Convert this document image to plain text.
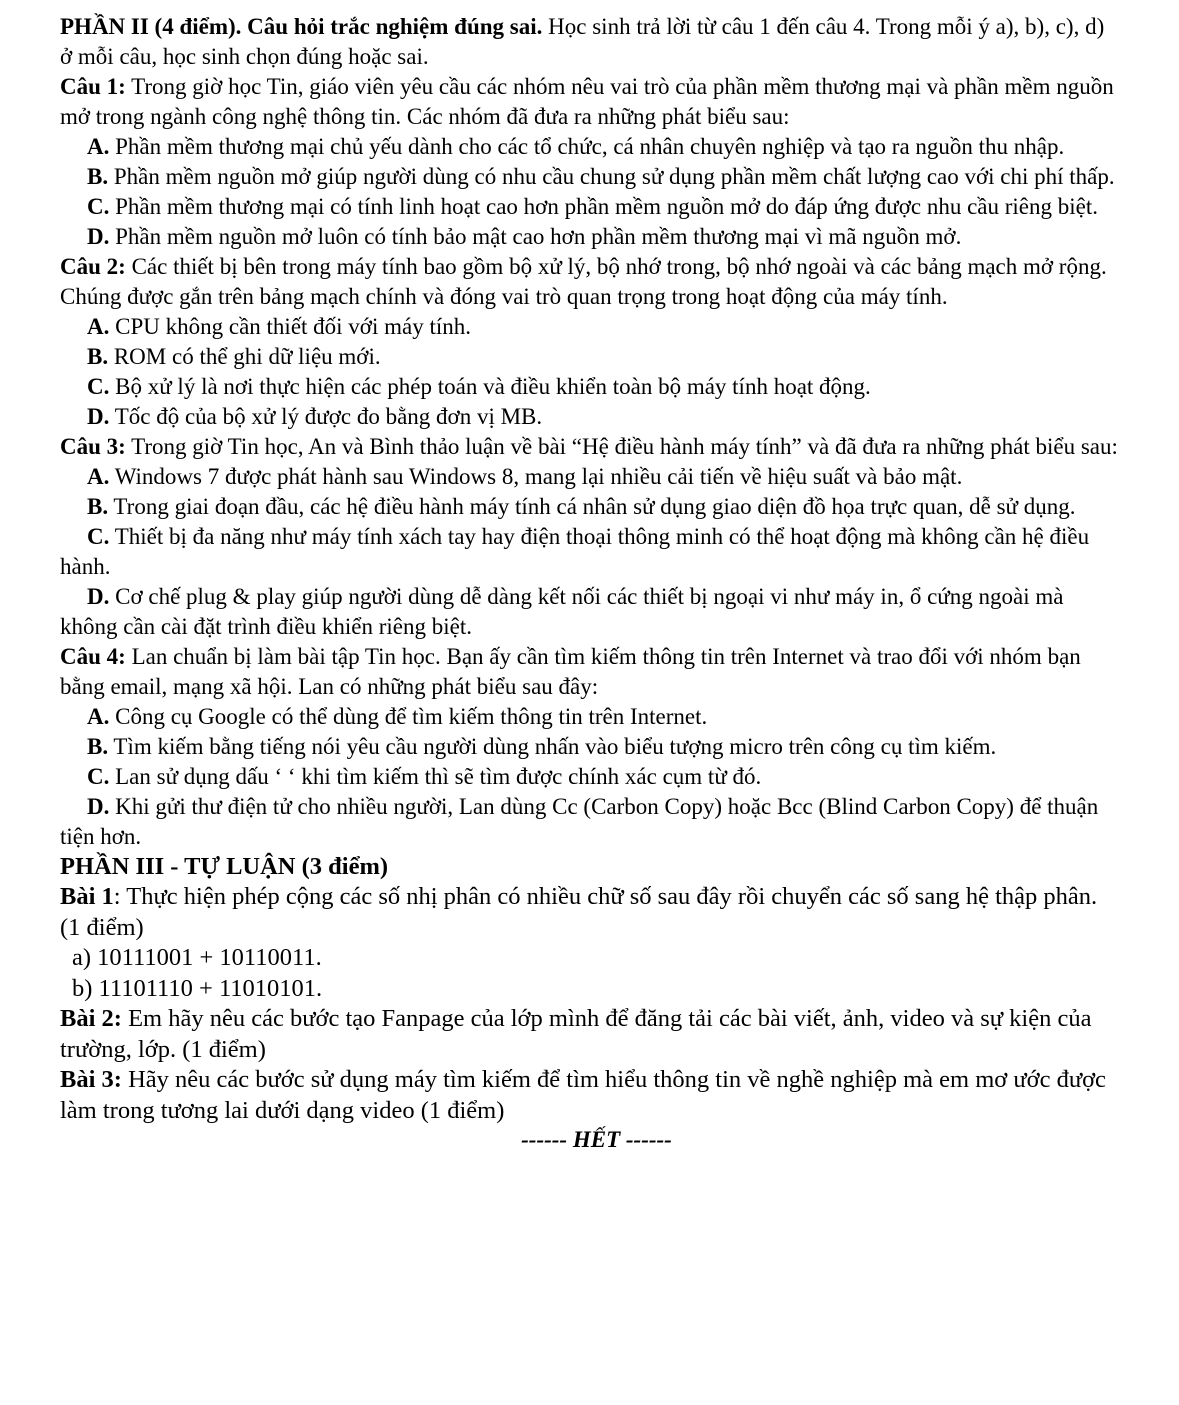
PHẦN II (4 điểm). Câu hỏi trắc nghiệm đúng sai. Học sinh trả lời từ câu 1 đến câu 4. Trong mỗi ý a), b), c), d) ở mỗi câu, học sinh chọn đúng hoặc sai.

Câu 1: Trong giờ học Tin, giáo viên yêu cầu các nhóm nêu vai trò của phần mềm thương mại và phần mềm nguồn mở trong ngành công nghệ thông tin. Các nhóm đã đưa ra những phát biểu sau:

A. Phần mềm thương mại chủ yếu dành cho các tổ chức, cá nhân chuyên nghiệp và tạo ra nguồn thu nhập.

B. Phần mềm nguồn mở giúp người dùng có nhu cầu chung sử dụng phần mềm chất lượng cao với chi phí thấp.

C. Phần mềm thương mại có tính linh hoạt cao hơn phần mềm nguồn mở do đáp ứng được nhu cầu riêng biệt.

D. Phần mềm nguồn mở luôn có tính bảo mật cao hơn phần mềm thương mại vì mã nguồn mở.

Câu 2: Các thiết bị bên trong máy tính bao gồm bộ xử lý, bộ nhớ trong, bộ nhớ ngoài và các bảng mạch mở rộng. Chúng được gắn trên bảng mạch chính và đóng vai trò quan trọng trong hoạt động của máy tính.

A. CPU không cần thiết đối với máy tính.

B. ROM có thể ghi dữ liệu mới.

C. Bộ xử lý là nơi thực hiện các phép toán và điều khiển toàn bộ máy tính hoạt động.

D. Tốc độ của bộ xử lý được đo bằng đơn vị MB.

Câu 3: Trong giờ Tin học, An và Bình thảo luận về bài “Hệ điều hành máy tính” và đã đưa ra những phát biểu sau:

A. Windows 7 được phát hành sau Windows 8, mang lại nhiều cải tiến về hiệu suất và bảo mật.

B. Trong giai đoạn đầu, các hệ điều hành máy tính cá nhân sử dụng giao diện đồ họa trực quan, dễ sử dụng.

C. Thiết bị đa năng như máy tính xách tay hay điện thoại thông minh có thể hoạt động mà không cần hệ điều hành.

D. Cơ chế plug & play giúp người dùng dễ dàng kết nối các thiết bị ngoại vi như máy in, ổ cứng ngoài mà không cần cài đặt trình điều khiển riêng biệt.

Câu 4: Lan chuẩn bị làm bài tập Tin học. Bạn ấy cần tìm kiếm thông tin trên Internet và trao đổi với nhóm bạn bằng email, mạng xã hội. Lan có những phát biểu sau đây:

A. Công cụ Google có thể dùng để tìm kiếm thông tin trên Internet.

B. Tìm kiếm bằng tiếng nói yêu cầu người dùng nhấn vào biểu tượng micro trên công cụ tìm kiếm.

C. Lan sử dụng dấu ‘ ‘ khi tìm kiếm thì sẽ tìm được chính xác cụm từ đó.

D. Khi gửi thư điện tử cho nhiều người, Lan dùng Cc (Carbon Copy) hoặc Bcc (Blind Carbon Copy) để thuận tiện hơn.

PHẦN III - TỰ LUẬN (3 điểm)

Bài 1: Thực hiện phép cộng các số nhị phân có nhiều chữ số sau đây rồi chuyển các số sang hệ thập phân. (1 điểm)

a) 10111001 + 10110011.

b) 11101110 + 11010101.

Bài 2: Em hãy nêu các bước tạo Fanpage của lớp mình để đăng tải các bài viết, ảnh, video và sự kiện của trường, lớp. (1 điểm)

Bài 3: Hãy nêu các bước sử dụng máy tìm kiếm để tìm hiểu thông tin về nghề nghiệp mà em mơ ước được làm trong tương lai dưới dạng video (1 điểm)

------ HẾT ------
